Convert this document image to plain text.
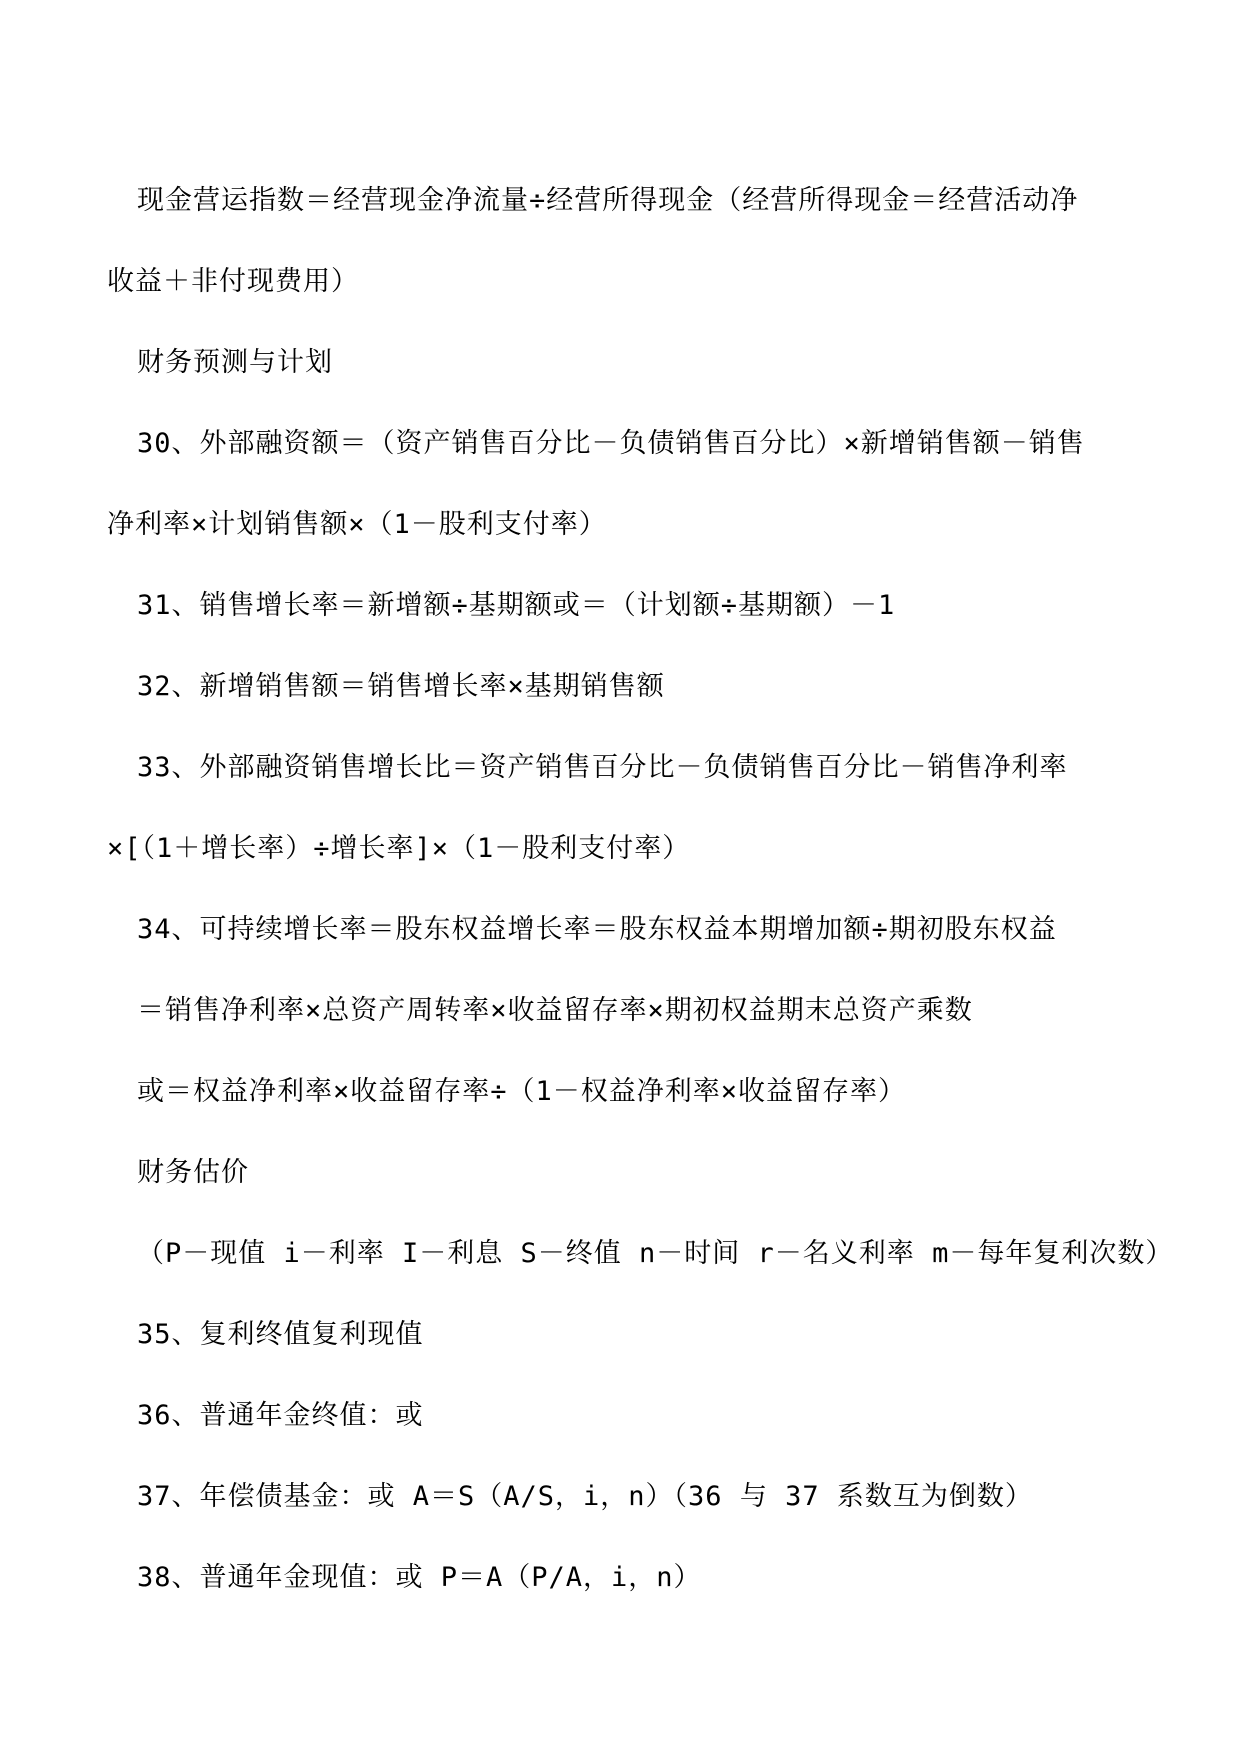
现金营运指数＝经营现金净流量÷经营所得现金（经营所得现金＝经营活动净
收益＋非付现费用）
财务预测与计划
30、外部融资额＝（资产销售百分比－负债销售百分比）×新增销售额－销售
净利率×计划销售额×（1－股利支付率）
31、销售增长率＝新增额÷基期额或＝（计划额÷基期额）－1
32、新增销售额＝销售增长率×基期销售额
33、外部融资销售增长比＝资产销售百分比－负债销售百分比－销售净利率
×[（1＋增长率）÷增长率]×（1－股利支付率）
34、可持续增长率＝股东权益增长率＝股东权益本期增加额÷期初股东权益
＝销售净利率×总资产周转率×收益留存率×期初权益期末总资产乘数
或＝权益净利率×收益留存率÷（1－权益净利率×收益留存率）
财务估价
（P－现值 i－利率 I－利息 S－终值 n－时间 r－名义利率 m－每年复利次数）
35、复利终值复利现值
36、普通年金终值：或
37、年偿债基金：或 A＝S（A/S，i，n）（36 与 37 系数互为倒数）
38、普通年金现值：或 P＝A（P/A，i，n）
